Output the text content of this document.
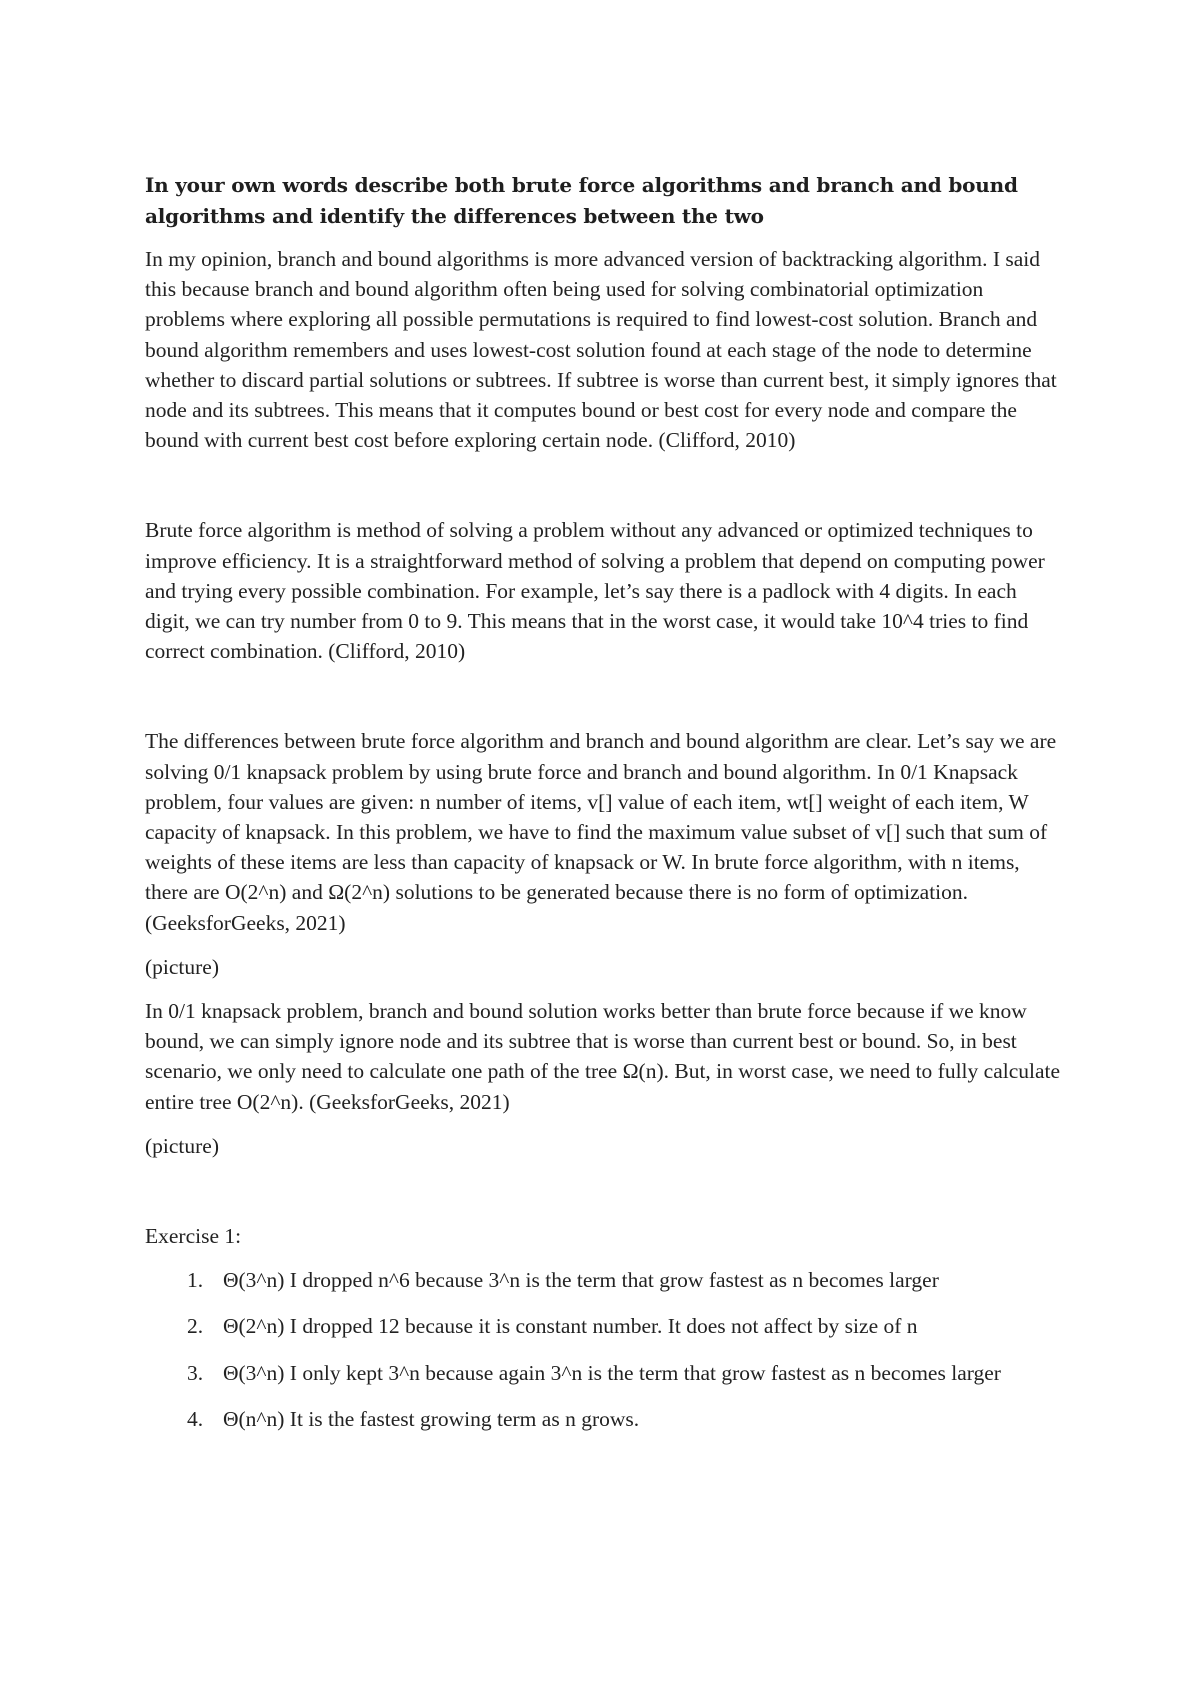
In your own words describe both brute force algorithms and branch and bound algorithms and identify the differences between the two

In my opinion, branch and bound algorithms is more advanced version of backtracking algorithm. I said this because branch and bound algorithm often being used for solving combinatorial optimization problems where exploring all possible permutations is required to find lowest-cost solution. Branch and bound algorithm remembers and uses lowest-cost solution found at each stage of the node to determine whether to discard partial solutions or subtrees. If subtree is worse than current best, it simply ignores that node and its subtrees. This means that it computes bound or best cost for every node and compare the bound with current best cost before exploring certain node. (Clifford, 2010)

Brute force algorithm is method of solving a problem without any advanced or optimized techniques to improve efficiency. It is a straightforward method of solving a problem that depend on computing power and trying every possible combination. For example, let’s say there is a padlock with 4 digits. In each digit, we can try number from 0 to 9. This means that in the worst case, it would take 10^4 tries to find correct combination. (Clifford, 2010)

The differences between brute force algorithm and branch and bound algorithm are clear. Let’s say we are solving 0/1 knapsack problem by using brute force and branch and bound algorithm. In 0/1 Knapsack problem, four values are given: n number of items, v[] value of each item, wt[] weight of each item, W capacity of knapsack. In this problem, we have to find the maximum value subset of v[] such that sum of weights of these items are less than capacity of knapsack or W. In brute force algorithm, with n items, there are O(2^n) and Ω(2^n) solutions to be generated because there is no form of optimization. (GeeksforGeeks, 2021)

(picture)

In 0/1 knapsack problem, branch and bound solution works better than brute force because if we know bound, we can simply ignore node and its subtree that is worse than current best or bound. So, in best scenario, we only need to calculate one path of the tree Ω(n). But, in worst case, we need to fully calculate entire tree O(2^n). (GeeksforGeeks, 2021)

(picture)

Exercise 1:

1. Θ(3^n) I dropped n^6 because 3^n is the term that grow fastest as n becomes larger
2. Θ(2^n) I dropped 12 because it is constant number. It does not affect by size of n
3. Θ(3^n) I only kept 3^n because again 3^n is the term that grow fastest as n becomes larger
4. Θ(n^n) It is the fastest growing term as n grows.
